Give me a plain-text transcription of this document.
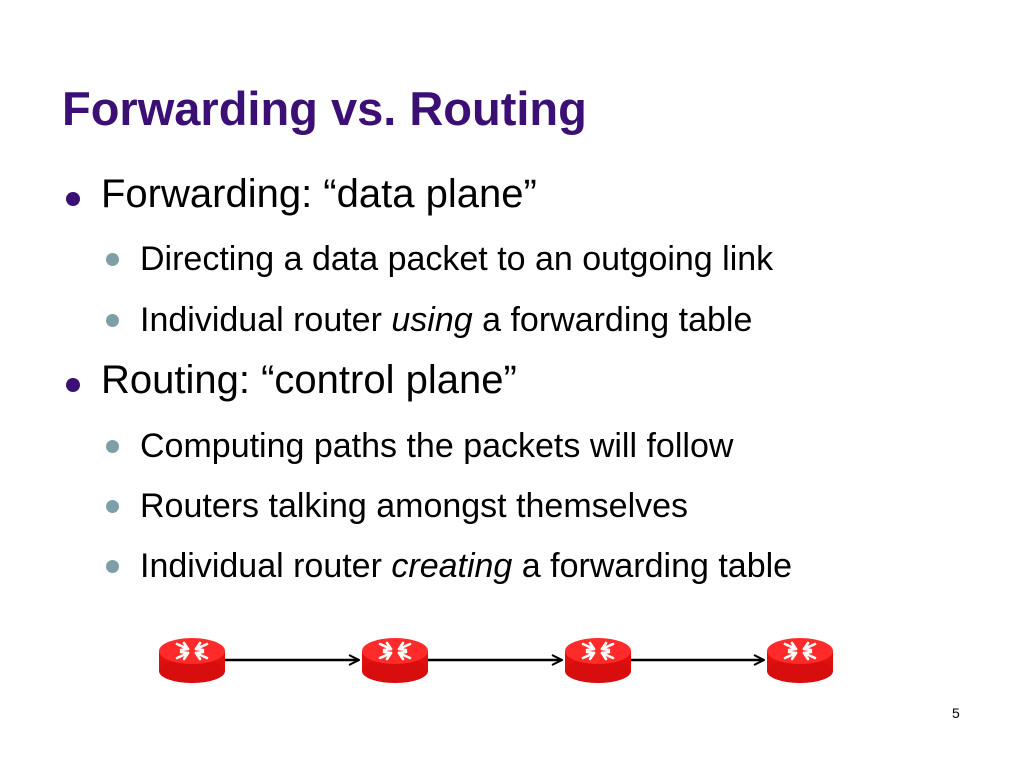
Forwarding vs. Routing
Forwarding: “data plane”
Directing a data packet to an outgoing link
Individual router using a forwarding table
Routing: “control plane”
Computing paths the packets will follow
Routers talking amongst themselves
Individual router creating a forwarding table
5
